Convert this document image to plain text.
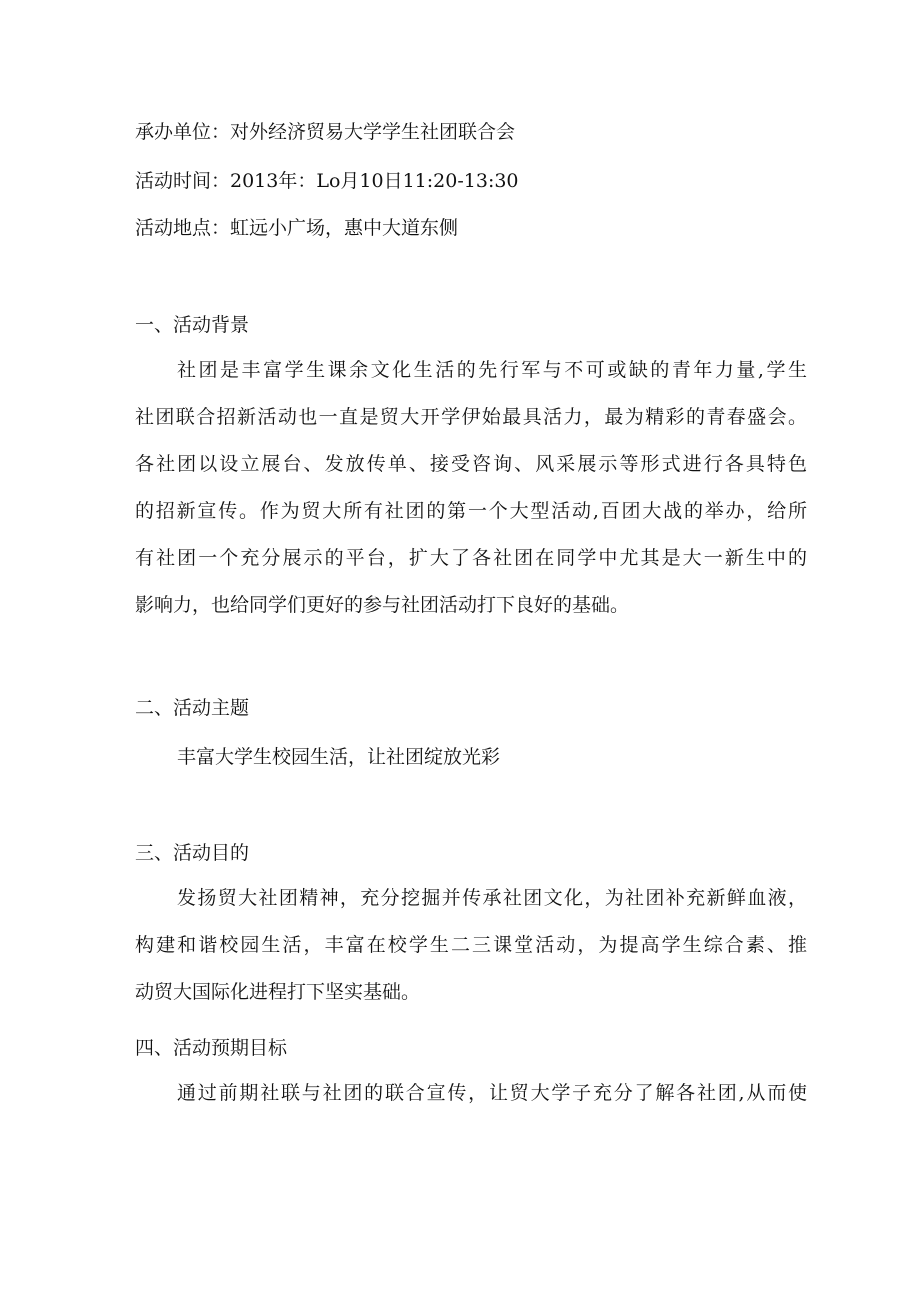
承办单位：对外经济贸易大学学生社团联合会
活动时间：2013年：Lo月10日11:20-13:30
活动地点：虹远小广场，惠中大道东侧
一、活动背景
社团是丰富学生课余文化生活的先行军与不可或缺的青年力量,学生
社团联合招新活动也一直是贸大开学伊始最具活力，最为精彩的青春盛会。
各社团以设立展台、发放传单、接受咨询、风采展示等形式进行各具特色
的招新宣传。作为贸大所有社团的第一个大型活动,百团大战的举办，给所
有社团一个充分展示的平台，扩大了各社团在同学中尤其是大一新生中的
影响力，也给同学们更好的参与社团活动打下良好的基础。
二、活动主题
丰富大学生校园生活，让社团绽放光彩
三、活动目的
发扬贸大社团精神，充分挖掘并传承社团文化，为社团补充新鲜血液，
构建和谐校园生活，丰富在校学生二三课堂活动，为提高学生综合素、推
动贸大国际化进程打下坚实基础。
四、活动预期目标
通过前期社联与社团的联合宣传，让贸大学子充分了解各社团,从而使
